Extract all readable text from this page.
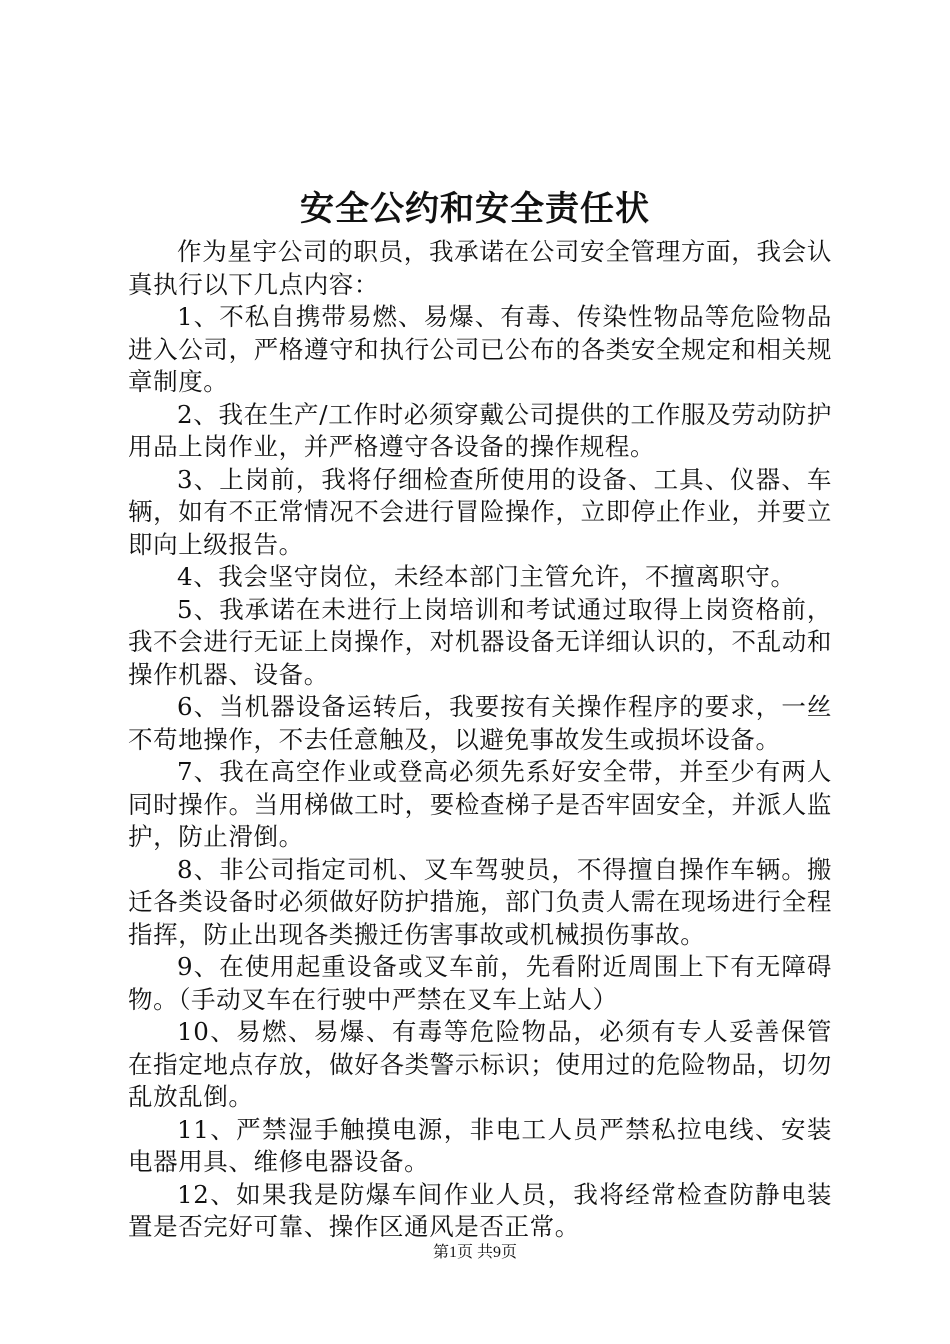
安全公约和安全责任状

作为星宇公司的职员，我承诺在公司安全管理方面，我会认真执行以下几点内容：

1、不私自携带易燃、易爆、有毒、传染性物品等危险物品进入公司，严格遵守和执行公司已公布的各类安全规定和相关规章制度。

2、我在生产/工作时必须穿戴公司提供的工作服及劳动防护用品上岗作业，并严格遵守各设备的操作规程。

3、上岗前，我将仔细检查所使用的设备、工具、仪器、车辆，如有不正常情况不会进行冒险操作，立即停止作业，并要立即向上级报告。

4、我会坚守岗位，未经本部门主管允许，不擅离职守。

5、我承诺在未进行上岗培训和考试通过取得上岗资格前，我不会进行无证上岗操作，对机器设备无详细认识的，不乱动和操作机器、设备。

6、当机器设备运转后，我要按有关操作程序的要求，一丝不苟地操作，不去任意触及，以避免事故发生或损坏设备。

7、我在高空作业或登高必须先系好安全带，并至少有两人同时操作。当用梯做工时，要检查梯子是否牢固安全，并派人监护，防止滑倒。

8、非公司指定司机、叉车驾驶员，不得擅自操作车辆。搬迁各类设备时必须做好防护措施，部门负责人需在现场进行全程指挥，防止出现各类搬迁伤害事故或机械损伤事故。

9、在使用起重设备或叉车前，先看附近周围上下有无障碍物。（手动叉车在行驶中严禁在叉车上站人）

10、易燃、易爆、有毒等危险物品，必须有专人妥善保管在指定地点存放，做好各类警示标识；使用过的危险物品，切勿乱放乱倒。

11、严禁湿手触摸电源，非电工人员严禁私拉电线、安装电器用具、维修电器设备。

12、如果我是防爆车间作业人员，我将经常检查防静电装置是否完好可靠、操作区通风是否正常。

第1页 共9页
